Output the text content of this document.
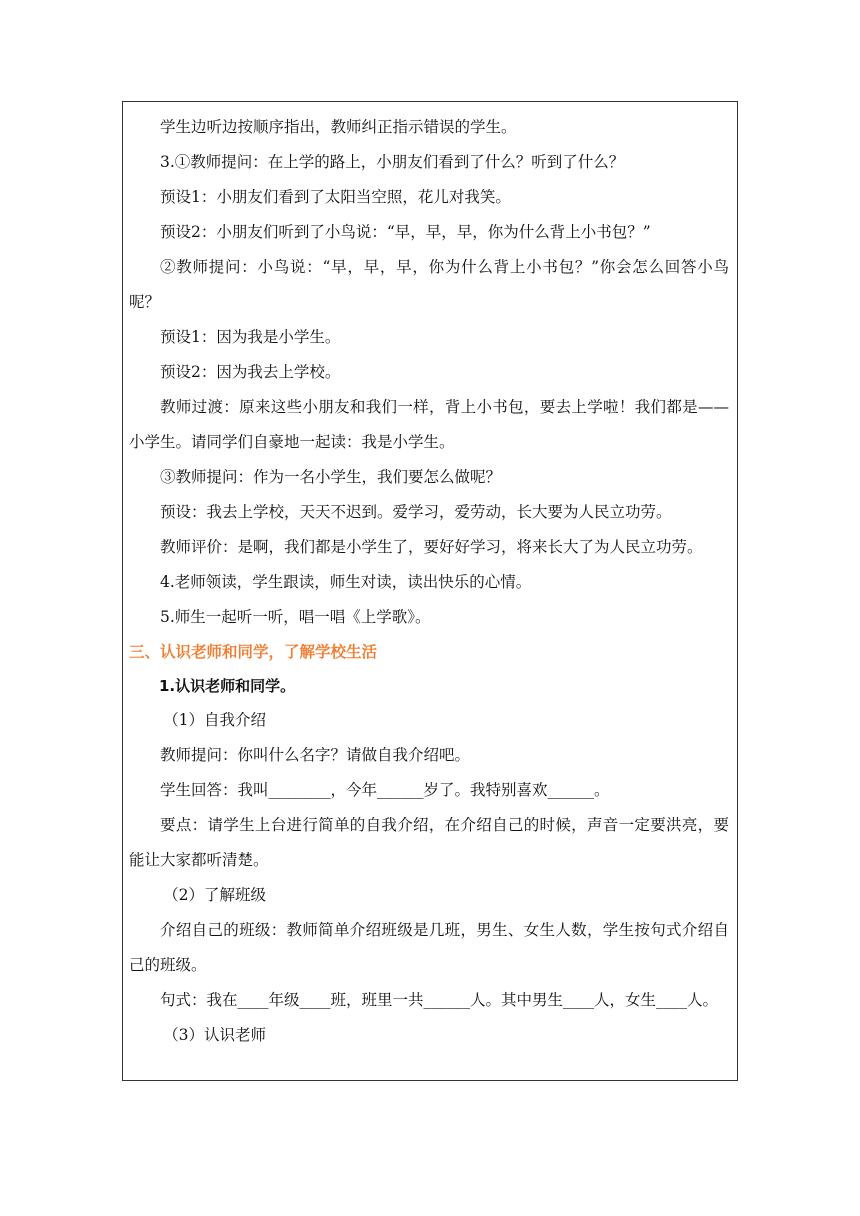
学生边听边按顺序指出，教师纠正指示错误的学生。

3.①教师提问：在上学的路上，小朋友们看到了什么？听到了什么？

预设1：小朋友们看到了太阳当空照，花儿对我笑。

预设2：小朋友们听到了小鸟说：“早，早，早，你为什么背上小书包？”

②教师提问：小鸟说：“早，早，早，你为什么背上小书包？”你会怎么回答小鸟呢？

预设1：因为我是小学生。

预设2：因为我去上学校。

教师过渡：原来这些小朋友和我们一样，背上小书包，要去上学啦！我们都是——小学生。请同学们自豪地一起读：我是小学生。

③教师提问：作为一名小学生，我们要怎么做呢？

预设：我去上学校，天天不迟到。爱学习，爱劳动，长大要为人民立功劳。

教师评价：是啊，我们都是小学生了，要好好学习，将来长大了为人民立功劳。

4.老师领读，学生跟读，师生对读，读出快乐的心情。

5.师生一起听一听，唱一唱《上学歌》。

三、认识老师和同学，了解学校生活

1.认识老师和同学。

（1）自我介绍

教师提问：你叫什么名字？请做自我介绍吧。

学生回答：我叫________，今年______岁了。我特别喜欢______。

要点：请学生上台进行简单的自我介绍，在介绍自己的时候，声音一定要洪亮，要能让大家都听清楚。

（2）了解班级

介绍自己的班级：教师简单介绍班级是几班，男生、女生人数，学生按句式介绍自己的班级。

句式：我在____年级____班，班里一共______人。其中男生____人，女生____人。

（3）认识老师
